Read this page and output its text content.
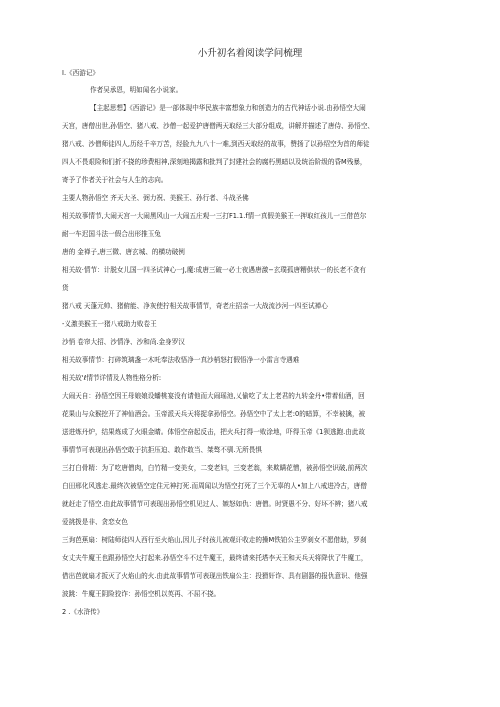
小升初名着阅读学问梳理
I.《西游记》
作者吴承恩，明如闻名小说家。
【主起思想】《西游记》是一部体现中华民族丰富想象力和创造力的古代神话小说.由孙悟空大闹
天宫，唐僧出世,孙悟空、猪八戒、沙僧一起爱护唐僧两天取经三大部分组成，讲解并描述了唐侍、孙悟空、
猪八戒、沙僧师徒四人,历经千辛万苦，经脸九九八十一难,到西天取经的故事，赞扬了以孙绍空为首的师徒
四人不畏艰险和们折不挠的珍费相神,深刻地揭露和批判了封建社会的腐朽黑暗以及统治阶级的昏M残暴，
寄予了作者关于社会与人生的志向。
主要人物孙悟空 齐天大圣、弼力祝、美猴王、孙行者、斗战圣佛
相关故事情节,大闹天宫一大闹黑风山一大闹五庄观一三打F1.1.f情一真假美猴王一押取红孩儿一三借芭尔
耐一车迟国斗法一假合出形推玉兔
唐的 金禅子,唐三微、唐玄城、的横功破例
相关故·情节：计脱女儿国一四圣试神心一J,魔:成唐三破一必士夜遇唐激−玄璞孤唐糟供状一的长老不贪有
货
猪八戒 天蓬元帅、猪俯能、净灰使拧相关故事情节，奇老庄招亲一大战流沙河一四至试禅心
-义激美猴王一猪八戒助力败卷王
沙悄 卷帘大招、沙情净、沙和尚.金身罗汉
相关故事情节：打碎筑璃盏一木吒奉法收悟净一真沙梢怒打假悟净一小雷言寺遇难
相关故'ℓ情节详情及人物性格分析:
大闹天自：孙悟空因王母娘娘设蟠桃宴没有请他而大闹瑶池,乂偷吃了太上老君的九转金丹•带着仙酒，回
花果山与众猴挖开了神仙酒会。玉帝派天兵天将捉拿孙悟空。孙悟空中了太上老:0的暗算，不幸被擒，被
送进炼丹炉，结果炼成了火眼金睛。体悟空奋起反击，把火兵打得一败涂地，吓得玉帝《1狈逃跑.由此故
事情节可表现出孙悟空敢于抗拒压迫、敢作敢当、桀骜不驯.无所畏惧
三打白骨精：为了吃唐僧肉，白竹精一变美女，二变老妇，三变老翁，来欺瞒花憎，被孙悟空识破,前两次
白田邢化风逃走.最终次被悟空定住元神打死.而周闻以为悟空打死了三个无辜的人•加上八戒进冷古，唐僧
就赶走了悟空.由此故事情节可表现出孙悟空机见过人、嫉怒如仇：唐僧。时贤愚不分、好坏不辨；猪八戒
爱挑拨是非、贪恋女色
三询芭蕉扇：树陆师徒四人西行至火焰山,因儿子纣孩儿被观讦收走的操M铁铂公主罗刹女不愿借助，罗刹
女丈夫牛魔王也跟孙悟空大打起来.孙悟空斗不过牛魔王，最终请来托塔李天王和天兵天将降伏了牛魔工，
借出芭就扇才扳灭了火焰山的火.由此故事情节可表现出铁扇公主：投猾奸诈、具有剧器的报仇意识、他强
波跳：牛魔王阴险狡诈：孙悟空机以英再、不屈不挠。
2 .《水浒传》
